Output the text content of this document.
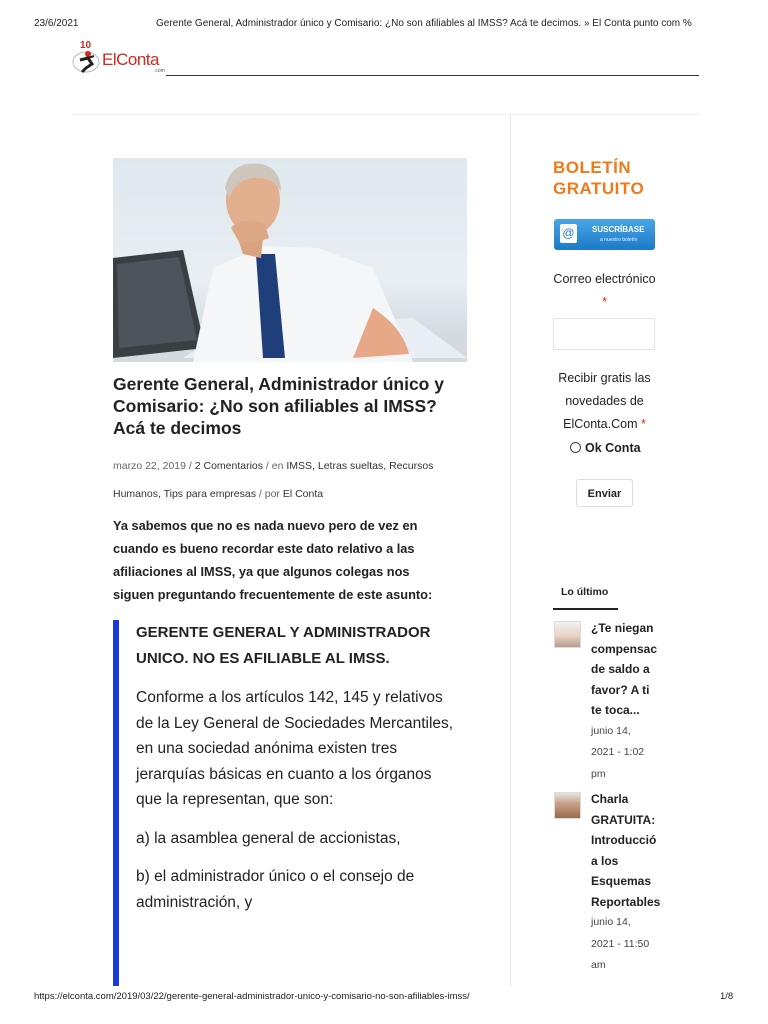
23/6/2021	Gerente General, Administrador único y Comisario: ¿No son afiliables al IMSS? Acá te decimos. » El Conta punto com %
10
ElConta
.com
Gerente General, Administrador único y Comisario: ¿No son afiliables al IMSS? Acá te decimos
marzo 22, 2019 / 2 Comentarios / en IMSS, Letras sueltas, Recursos Humanos, Tips para empresas / por El Conta
Ya sabemos que no es nada nuevo pero de vez en cuando es bueno recordar este dato relativo a las afiliaciones al IMSS, ya que algunos colegas nos siguen preguntando frecuentemente de este asunto:

GERENTE GENERAL Y ADMINISTRADOR UNICO. NO ES AFILIABLE AL IMSS.

Conforme a los artículos 142, 145 y relativos de la Ley General de Sociedades Mercantiles, en una sociedad anónima existen tres jerarquías básicas en cuanto a los órganos que la representan, que son:

a) la asamblea general de accionistas,

b) el administrador único o el consejo de administración, y

BOLETÍN GRATUITO
@	SUSCRÍBASE
a nuestro boletín
Correo electrónico *
Recibir gratis las novedades de ElConta.Com *
Ok Conta
Enviar
Lo último
¿Te niegan
compensac
de saldo a
favor? A ti
te toca...
junio 14,
2021 - 1:02
pm
Charla
GRATUITA:
Introducció
a los
Esquemas
Reportables
junio 14,
2021 - 11:50
am
https://elconta.com/2019/03/22/gerente-general-administrador-unico-y-comisario-no-son-afiliables-imss/	1/8
